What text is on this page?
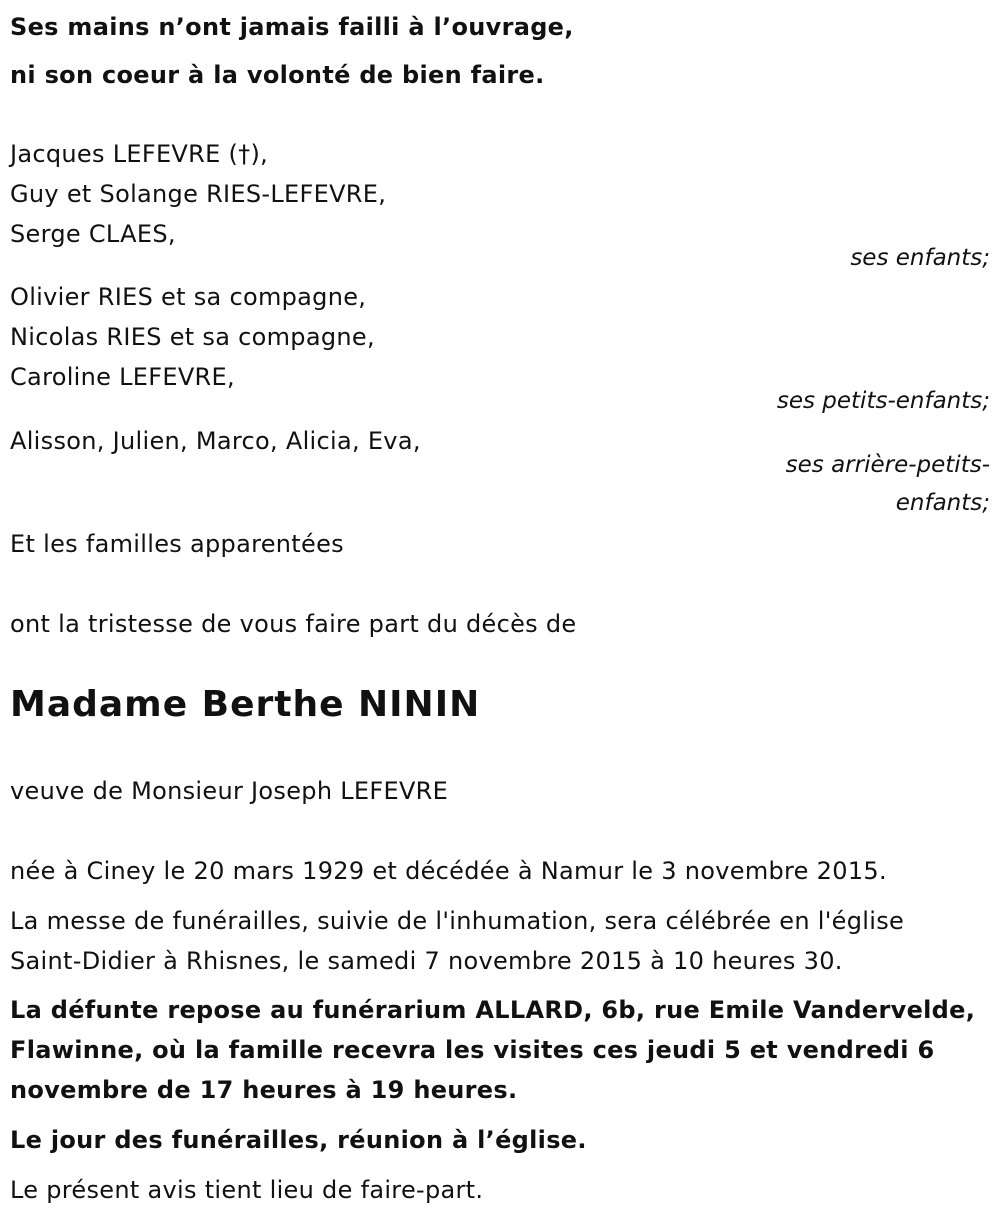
Ses mains n’ont jamais failli à l’ouvrage,

ni son coeur à la volonté de bien faire.

Jacques LEFEVRE (†),

Guy et Solange RIES-LEFEVRE,

Serge CLAES,

ses enfants;

Olivier RIES et sa compagne,

Nicolas RIES et sa compagne,

Caroline LEFEVRE,

ses petits-enfants;

Alisson, Julien, Marco, Alicia, Eva,

ses arrière-petits-

enfants;

Et les familles apparentées

ont la tristesse de vous faire part du décès de

Madame Berthe NININ

veuve de Monsieur Joseph LEFEVRE

née à Ciney le 20 mars 1929 et décédée à Namur le 3 novembre 2015.

La messe de funérailles, suivie de l'inhumation, sera célébrée en l'église

Saint-Didier à Rhisnes, le samedi 7 novembre 2015 à 10 heures 30.

La défunte repose au funérarium ALLARD, 6b, rue Emile Vandervelde,

Flawinne, où la famille recevra les visites ces jeudi 5 et vendredi 6

novembre de 17 heures à 19 heures.

Le jour des funérailles, réunion à l’église.

Le présent avis tient lieu de faire-part.
